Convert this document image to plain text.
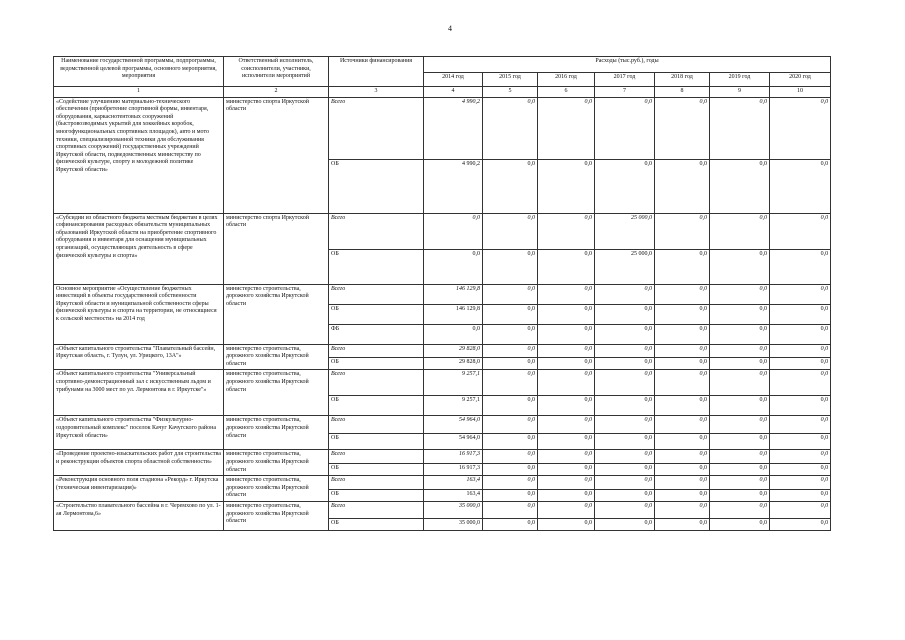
4
Наименование государственной программы, подпрограммы, ведомственной целевой программы, основного мероприятия, мероприятия	Ответственный исполнитель, соисполнители, участники, исполнители мероприятий	Источники финансирования	Расходы (тыс.руб.), годы						
			2014 год	2015 год	2016 год	2017 год	2018 год	2019 год	2020 год
1	2	3	4	5	6	7	8	9	10
«Содействие улучшению материально-технического обеспечения (приобретение спортивной формы, инвентаря, оборудования, каркаснотентовых сооружений (быстровозводимых укрытий для хоккейных коробок, многофункциональных спортивных площадок), авто и мото техники, специализированной техники для обслуживания спортивных сооружений) государственных учреждений Иркутской области, подведомственных министерству по физической культуре, спорту и молодежной политике Иркутской области»	министерство спорта Иркутской области	Всего	4 990,2	0,0	0,0	0,0	0,0	0,0	0,0
		ОБ	4 990,2	0,0	0,0	0,0	0,0	0,0	0,0
«Субсидии из областного бюджета местным бюджетам в целях софинансирования расходных обязательств муниципальных образований Иркутской области на приобретение спортивного оборудования и инвентаря для оснащения муниципальных организаций, осуществляющих деятельность в сфере физической культуры и спорта»	министерство спорта Иркутской области	Всего	0,0	0,0	0,0	25 000,0	0,0	0,0	0,0
		ОБ	0,0	0,0	0,0	25 000,0	0,0	0,0	0,0
Основное мероприятие «Осуществление бюджетных инвестиций в объекты государственной собственности Иркутской области и муниципальной собственности сферы физической культуры и спорта на территории, не относящиеся к сельской местности» на 2014 год	министерство строительства, дорожного хозяйства Иркутской области	Всего	146 129,8	0,0	0,0	0,0	0,0	0,0	0,0
		ОБ	146 129,8	0,0	0,0	0,0	0,0	0,0	0,0
		ФБ	0,0	0,0	0,0	0,0	0,0	0,0	0,0
«Объект капитального строительства "Плавательный бассейн, Иркутская область, г. Тулун, ул. Урицкого, 13А"»	министерство строительства, дорожного хозяйства Иркутской области	Всего	29 828,0	0,0	0,0	0,0	0,0	0,0	0,0
		ОБ	29 828,0	0,0	0,0	0,0	0,0	0,0	0,0
«Объект капитального строительства "Универсальный спортивно-демонстрационный зал с искусственным льдом и трибунами на 3000 мест по ул. Лермонтова в г. Иркутске"»	министерство строительства, дорожного хозяйства Иркутской области	Всего	9 257,1	0,0	0,0	0,0	0,0	0,0	0,0
		ОБ	9 257,1	0,0	0,0	0,0	0,0	0,0	0,0
«Объект капитального строительства "Физкультурно-оздоровительный комплекс" поселок Качуг Качугского района Иркутской области»	министерство строительства, дорожного хозяйства Иркутской области	Всего	54 964,0	0,0	0,0	0,0	0,0	0,0	0,0
		ОБ	54 964,0	0,0	0,0	0,0	0,0	0,0	0,0
«Проведение проектно-изыскательских работ для строительства и реконструкции объектов спорта областной собственности»	министерство строительства, дорожного хозяйства Иркутской области	Всего	16 917,3	0,0	0,0	0,0	0,0	0,0	0,0
		ОБ	16 917,3	0,0	0,0	0,0	0,0	0,0	0,0
«Реконструкция основного поля стадиона «Рекорд» г. Иркутска (техническая инвентаризация)»	министерство строительства, дорожного хозяйства Иркутской области	Всего	163,4	0,0	0,0	0,0	0,0	0,0	0,0
		ОБ	163,4	0,0	0,0	0,0	0,0	0,0	0,0
«Строительство плавательного бассейна в г. Черемхово по ул. 1-ая Лермонтова,6»	министерство строительства, дорожного хозяйства Иркутской области	Всего	35 000,0	0,0	0,0	0,0	0,0	0,0	0,0
		ОБ	35 000,0	0,0	0,0	0,0	0,0	0,0	0,0
